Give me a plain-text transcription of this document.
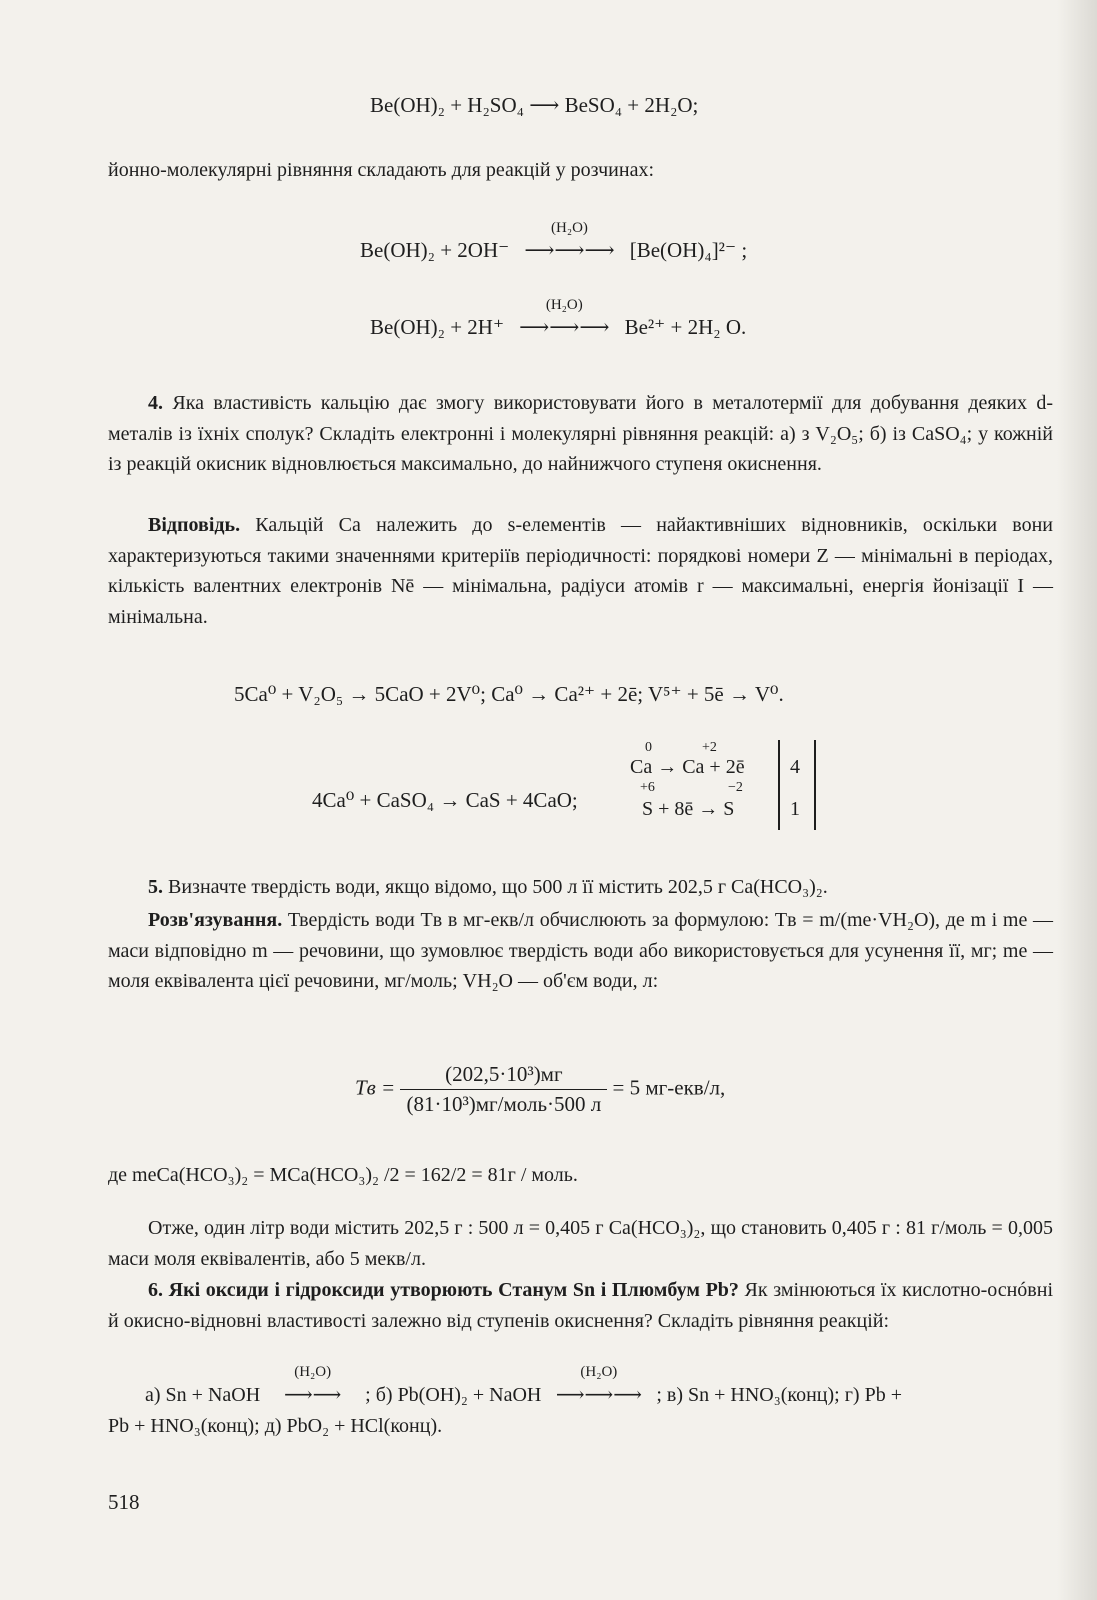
Be(OH)₂ + H₂SO₄ ⟶ BeSO₄ + 2H₂O;
йонно-молекулярні рівняння складають для реакцій у розчинах:
Be(OH)₂ + 2OH⁻
(H₂O)
⟶⟶⟶ [Be(OH)₄]²⁻ ;
Be(OH)₂ + 2H⁺
(H₂O)
⟶⟶⟶ Be²⁺ + 2H₂ O.
4. Яка властивість кальцію дає змогу використовувати його в металотермії для добування деяких d-металів із їхніх сполук? Складіть електронні і молекулярні рівняння реакцій: а) з V₂O₅; б) із CaSO₄; у кожній із реакцій окисник відновлюється максимально, до найнижчого ступеня окиснення.
Відповідь. Кальцій Ca належить до s-елементів — найактивніших відновників, оскільки вони характеризуються такими значеннями критеріїв періодичності: порядкові номери Z — мінімальні в періодах, кількість валентних електронів Nē — мінімальна, радіуси атомів r — максимальні, енергія йонізації I — мінімальна.
5Ca⁰ + V₂O₅ → 5CaO + 2V⁰; Ca⁰ → Ca²⁺ + 2ē; V⁵⁺ + 5ē → V⁰.
4Ca⁰ + CaSO₄ → CaS + 4CaO;
0	+2
Ca → Ca + 2ē
+6	−2
S + 8ē → S
4
1
5. Визначте твердість води, якщо відомо, що 500 л її містить 202,5 г Ca(HCO₃)₂.
Розв'язування. Твердість води Tв в мг-екв/л обчислюють за формулою: Tв = m/(mе·VH₂O), де m і mе — маси відповідно m — речовини, що зумовлює твердість води або використовується для усунення її, мг; mе — моля еквівалента цієї речовини, мг/моль; VH₂O — об'єм води, л:
Tв = $\frac{\text{(202,5·10³)мг}}{\text{(81·10³)мг/моль·500 л}} = 5$ мг-екв/л,
де mеCa(HCO₃)₂ = MCa(HCO₃)₂ /2 = 162/2 = 81г / моль.
Отже, один літр води містить 202,5 г : 500 л = 0,405 г Ca(HCO₃)₂, що становить 0,405 г : 81 г/моль = 0,005 маси моля еквівалентів, або 5 мекв/л.
6. Які оксиди і гідроксиди утворюють Станум Sn і Плюмбум Pb? Як змінюються їх кислотно-оснóвні й окисно-відновні властивості залежно від ступенів окиснення? Складіть рівняння реакцій:
а) Sn + NaOH
(H₂O)
⟶⟶ ; б) Pb(OH)₂ + NaOH
(H₂O)
⟶⟶⟶ ; в) Sn + HNO₃(конц); г) Pb +
Pb + HNO₃(конц); д) PbO₂ + HCl(конц).
518
